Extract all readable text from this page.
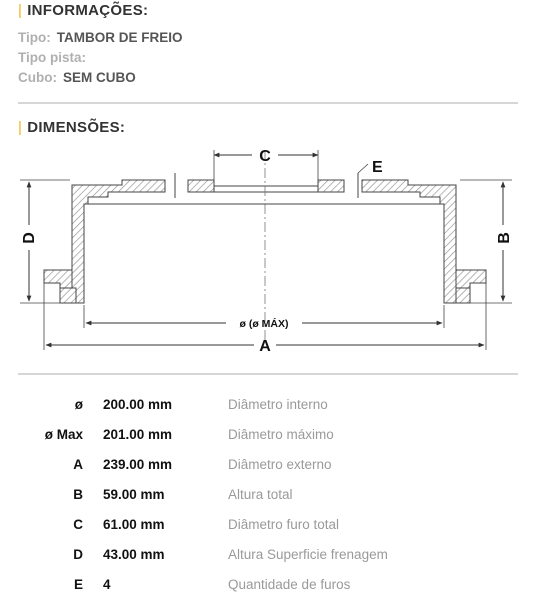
| INFORMAÇÕES:
Tipo: TAMBOR DE FREIO
Tipo pista:
Cubo: SEM CUBO
| DIMENSÕES:
C
E
D	B
ø (ø MÁX)
A
ø 200.00 mm	Diâmetro interno
ø Max 201.00 mm	Diâmetro máximo
A 239.00 mm	Diâmetro externo
B 59.00 mm	Altura total
C 61.00 mm	Diâmetro furo total
D 43.00 mm	Altura Superficie frenagem
E 4	Quantidade de furos
